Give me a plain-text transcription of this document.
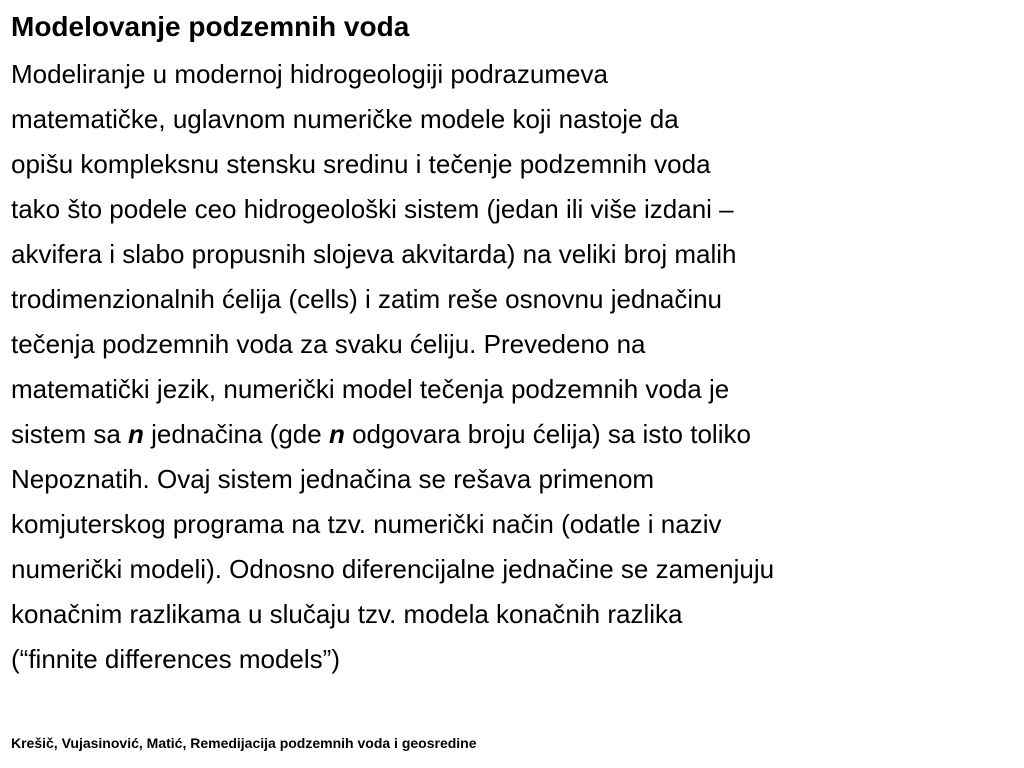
Modelovanje podzemnih voda
Modeliranje u modernoj hidrogeologiji podrazumeva
matematičke, uglavnom numeričke modele koji nastoje da
opišu kompleksnu stensku sredinu i tečenje podzemnih voda
tako što podele ceo hidrogeološki sistem (jedan ili više izdani –
akvifera i slabo propusnih slojeva akvitarda) na veliki broj malih
trodimenzionalnih ćelija (cells) i zatim reše osnovnu jednačinu
tečenja podzemnih voda za svaku ćeliju. Prevedeno na
matematički jezik, numerički model tečenja podzemnih voda je
sistem sa n jednačina (gde n odgovara broju ćelija) sa isto toliko
Nepoznatih. Ovaj sistem jednačina se rešava primenom
komjuterskog programa na tzv. numerički način (odatle i naziv
numerički modeli). Odnosno diferencijalne jednačine se zamenjuju
konačnim razlikama u slučaju tzv. modela konačnih razlika
(“finnite differences models”)

Krešič, Vujasinović, Matić, Remedijacija podzemnih voda i geosredine
